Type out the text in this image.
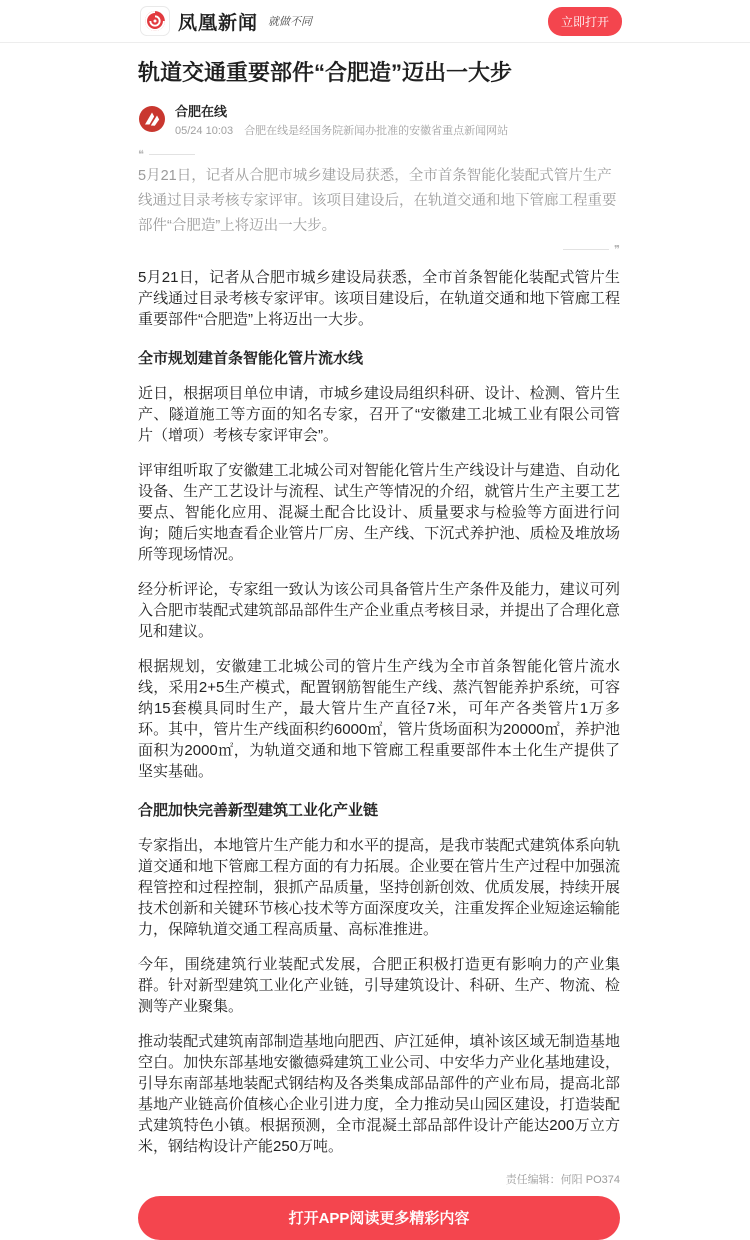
凤凰新闻 就做不同	立即打开
轨道交通重要部件“合肥造”迈出一大步
合肥在线
05/24 10:03 合肥在线是经国务院新闻办批准的安徽省重点新闻网站
❝

5月21日，记者从合肥市城乡建设局获悉，全市首条智能化装配式管片生产线通过目录考核专家评审。该项目建设后，在轨道交通和地下管廊工程重要部件“合肥造”上将迈出一大步。

❞

5月21日，记者从合肥市城乡建设局获悉，全市首条智能化装配式管片生产线通过目录考核专家评审。该项目建设后，在轨道交通和地下管廊工程重要部件“合肥造”上将迈出一大步。

全市规划建首条智能化管片流水线

近日，根据项目单位申请，市城乡建设局组织科研、设计、检测、管片生产、隧道施工等方面的知名专家，召开了“安徽建工北城工业有限公司管片（增项）考核专家评审会”。

评审组听取了安徽建工北城公司对智能化管片生产线设计与建造、自动化设备、生产工艺设计与流程、试生产等情况的介绍，就管片生产主要工艺要点、智能化应用、混凝土配合比设计、质量要求与检验等方面进行问询；随后实地查看企业管片厂房、生产线、下沉式养护池、质检及堆放场所等现场情况。

经分析评论，专家组一致认为该公司具备管片生产条件及能力，建议可列入合肥市装配式建筑部品部件生产企业重点考核目录，并提出了合理化意见和建议。

根据规划，安徽建工北城公司的管片生产线为全市首条智能化管片流水线，采用2+5生产模式，配置钢筋智能生产线、蒸汽智能养护系统，可容纳15套模具同时生产，最大管片生产直径7米，可年产各类管片1万多环。其中，管片生产线面积约6000㎡，管片货场面积为20000㎡，养护池面积为2000㎡，为轨道交通和地下管廊工程重要部件本土化生产提供了坚实基础。

合肥加快完善新型建筑工业化产业链

专家指出，本地管片生产能力和水平的提高，是我市装配式建筑体系向轨道交通和地下管廊工程方面的有力拓展。企业要在管片生产过程中加强流程管控和过程控制，狠抓产品质量，坚持创新创效、优质发展，持续开展技术创新和关键环节核心技术等方面深度攻关，注重发挥企业短途运输能力，保障轨道交通工程高质量、高标准推进。

今年，围绕建筑行业装配式发展，合肥正积极打造更有影响力的产业集群。针对新型建筑工业化产业链，引导建筑设计、科研、生产、物流、检测等产业聚集。

推动装配式建筑南部制造基地向肥西、庐江延伸，填补该区域无制造基地空白。加快东部基地安徽德舜建筑工业公司、中安华力产业化基地建设，引导东南部基地装配式钢结构及各类集成部品部件的产业布局，提高北部基地产业链高价值核心企业引进力度，全力推动吴山园区建设，打造装配式建筑特色小镇。根据预测，全市混凝土部品部件设计产能达200万立方米，钢结构设计产能250万吨。

责任编辑：何阳 PO374
打开APP阅读更多精彩内容
